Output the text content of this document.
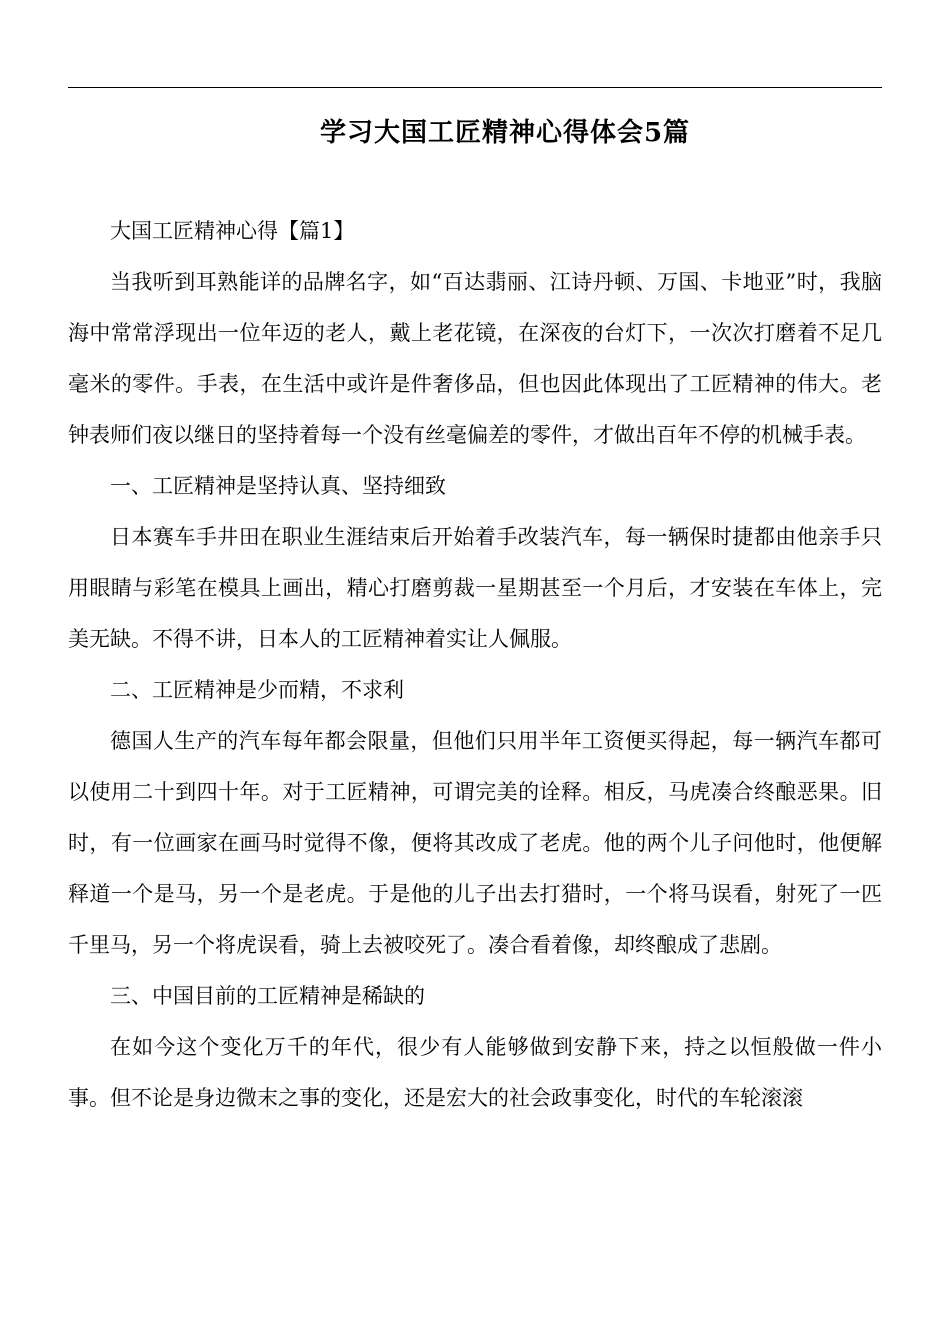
学习大国工匠精神心得体会5篇

大国工匠精神心得【篇1】

当我听到耳熟能详的品牌名字，如“百达翡丽、江诗丹顿、万国、卡地亚”时，我脑海中常常浮现出一位年迈的老人，戴上老花镜，在深夜的台灯下，一次次打磨着不足几毫米的零件。手表，在生活中或许是件奢侈品，但也因此体现出了工匠精神的伟大。老钟表师们夜以继日的坚持着每一个没有丝毫偏差的零件，才做出百年不停的机械手表。

一、工匠精神是坚持认真、坚持细致

日本赛车手井田在职业生涯结束后开始着手改装汽车，每一辆保时捷都由他亲手只用眼睛与彩笔在模具上画出，精心打磨剪裁一星期甚至一个月后，才安装在车体上，完美无缺。不得不讲，日本人的工匠精神着实让人佩服。

二、工匠精神是少而精，不求利

德国人生产的汽车每年都会限量，但他们只用半年工资便买得起，每一辆汽车都可以使用二十到四十年。对于工匠精神，可谓完美的诠释。相反，马虎凑合终酿恶果。旧时，有一位画家在画马时觉得不像，便将其改成了老虎。他的两个儿子问他时，他便解释道一个是马，另一个是老虎。于是他的儿子出去打猎时，一个将马误看，射死了一匹千里马，另一个将虎误看，骑上去被咬死了。凑合看着像，却终酿成了悲剧。

三、中国目前的工匠精神是稀缺的

在如今这个变化万千的年代，很少有人能够做到安静下来，持之以恒般做一件小事。但不论是身边微末之事的变化，还是宏大的社会政事变化，时代的车轮滚滚
